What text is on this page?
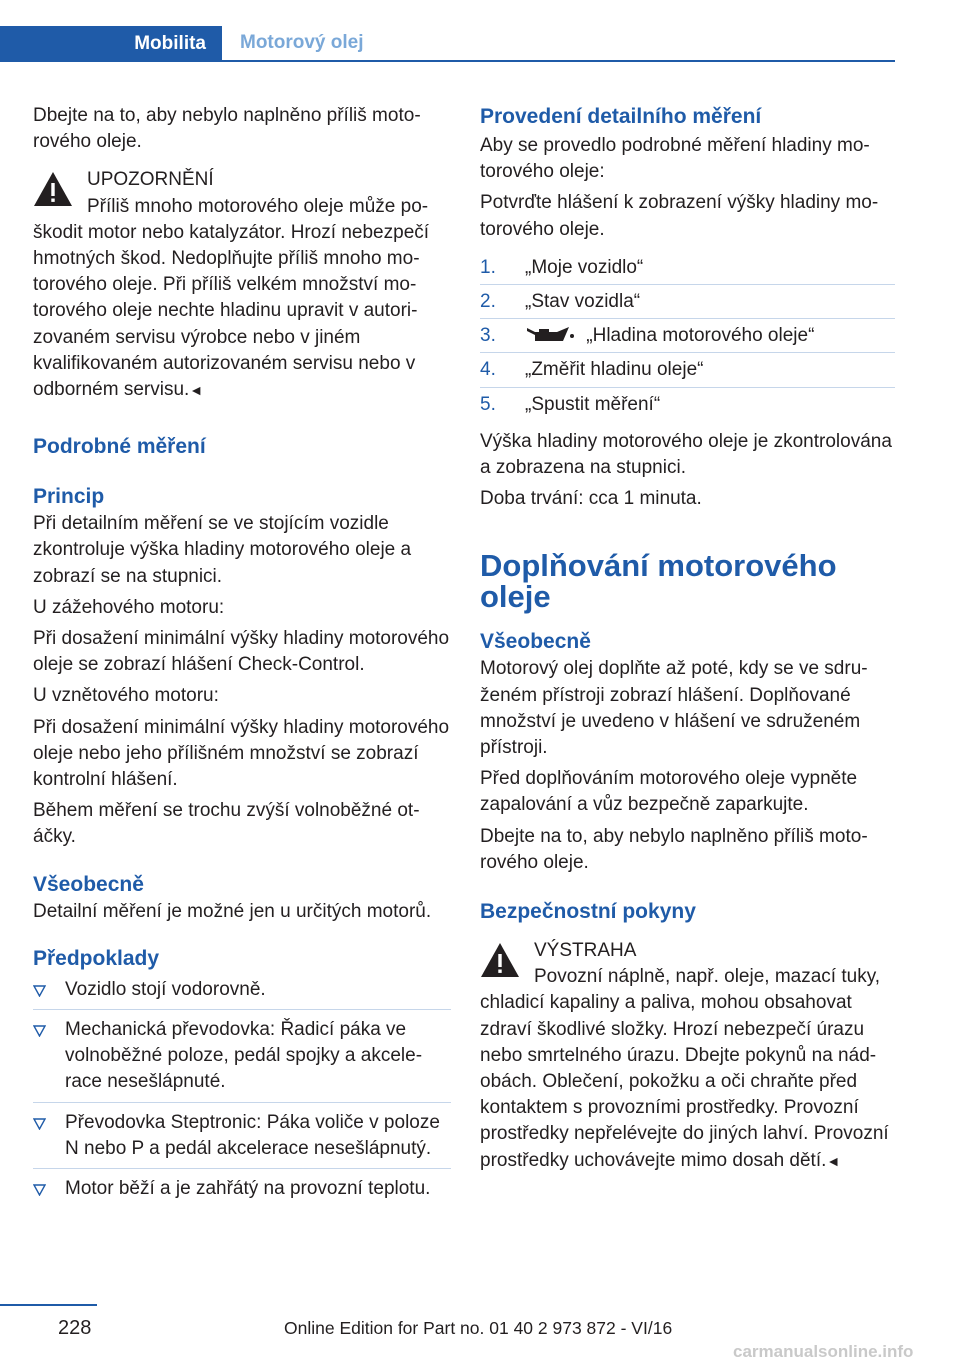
Mobilita Motorový olej

Dbejte na to, aby nebylo naplněno příliš motorového oleje.

UPOZORNĚNÍ
Příliš mnoho motorového oleje může poškodit motor nebo katalyzátor. Hrozí nebezpečí hmotných škod. Nedoplňujte příliš mnoho motorového oleje. Při příliš velkém množství motorového oleje nechte hladinu upravit v autorizovaném servisu výrobce nebo v jiném kvalifikovaném autorizovaném servisu nebo v odborném servisu.◄
Podrobné měření
Princip

Při detailním měření se ve stojícím vozidle zkontroluje výška hladiny motorového oleje a zobrazí se na stupnici.

U zážehového motoru:

Při dosažení minimální výšky hladiny motorového oleje se zobrazí hlášení Check-Control.

U vznětového motoru:

Při dosažení minimální výšky hladiny motorového oleje nebo jeho přílišném množství se zobrazí kontrolní hlášení.

Během měření se trochu zvýší volnoběžné otáčky.

Všeobecně

Detailní měření je možné jen u určitých motorů.

Předpoklady
Vozidlo stojí vodorovně.
Mechanická převodovka: Řadicí páka ve volnoběžné poloze, pedál spojky a akcelerace nesešlápnuté.
Převodovka Steptronic: Páka voliče v poloze N nebo P a pedál akcelerace nesešlápnutý.
Motor běží a je zahřátý na provozní teplotu.
Provedení detailního měření

Aby se provedlo podrobné měření hladiny motorového oleje:

Potvrďte hlášení k zobrazení výšky hladiny motorového oleje.

1. „Moje vozidlo“
2. „Stav vozidla“
3.	„Hladina motorového oleje“
4. „Změřit hladinu oleje“
5. „Spustit měření“

Výška hladiny motorového oleje je zkontrolována a zobrazena na stupnici.

Doba trvání: cca 1 minuta.

Doplňování motorového oleje
Všeobecně

Motorový olej doplňte až poté, kdy se ve sdruženém přístroji zobrazí hlášení. Doplňované množství je uvedeno v hlášení ve sdruženém přístroji.

Před doplňováním motorového oleje vypněte zapalování a vůz bezpečně zaparkujte.

Dbejte na to, aby nebylo naplněno příliš motorového oleje.

Bezpečnostní pokyny
VÝSTRAHA
Povozní náplně, např. oleje, mazací tuky, chladicí kapaliny a paliva, mohou obsahovat zdraví škodlivé složky. Hrozí nebezpečí úrazu nebo smrtelného úrazu. Dbejte pokynů na nádobách. Oblečení, pokožku a oči chraňte před kontaktem s provozními prostředky. Provozní prostředky nepřelévejte do jiných lahví. Provozní prostředky uchovávejte mimo dosah dětí.◄
228	Online Edition for Part no. 01 40 2 973 872 - VI/16
carmanualsonline.info
